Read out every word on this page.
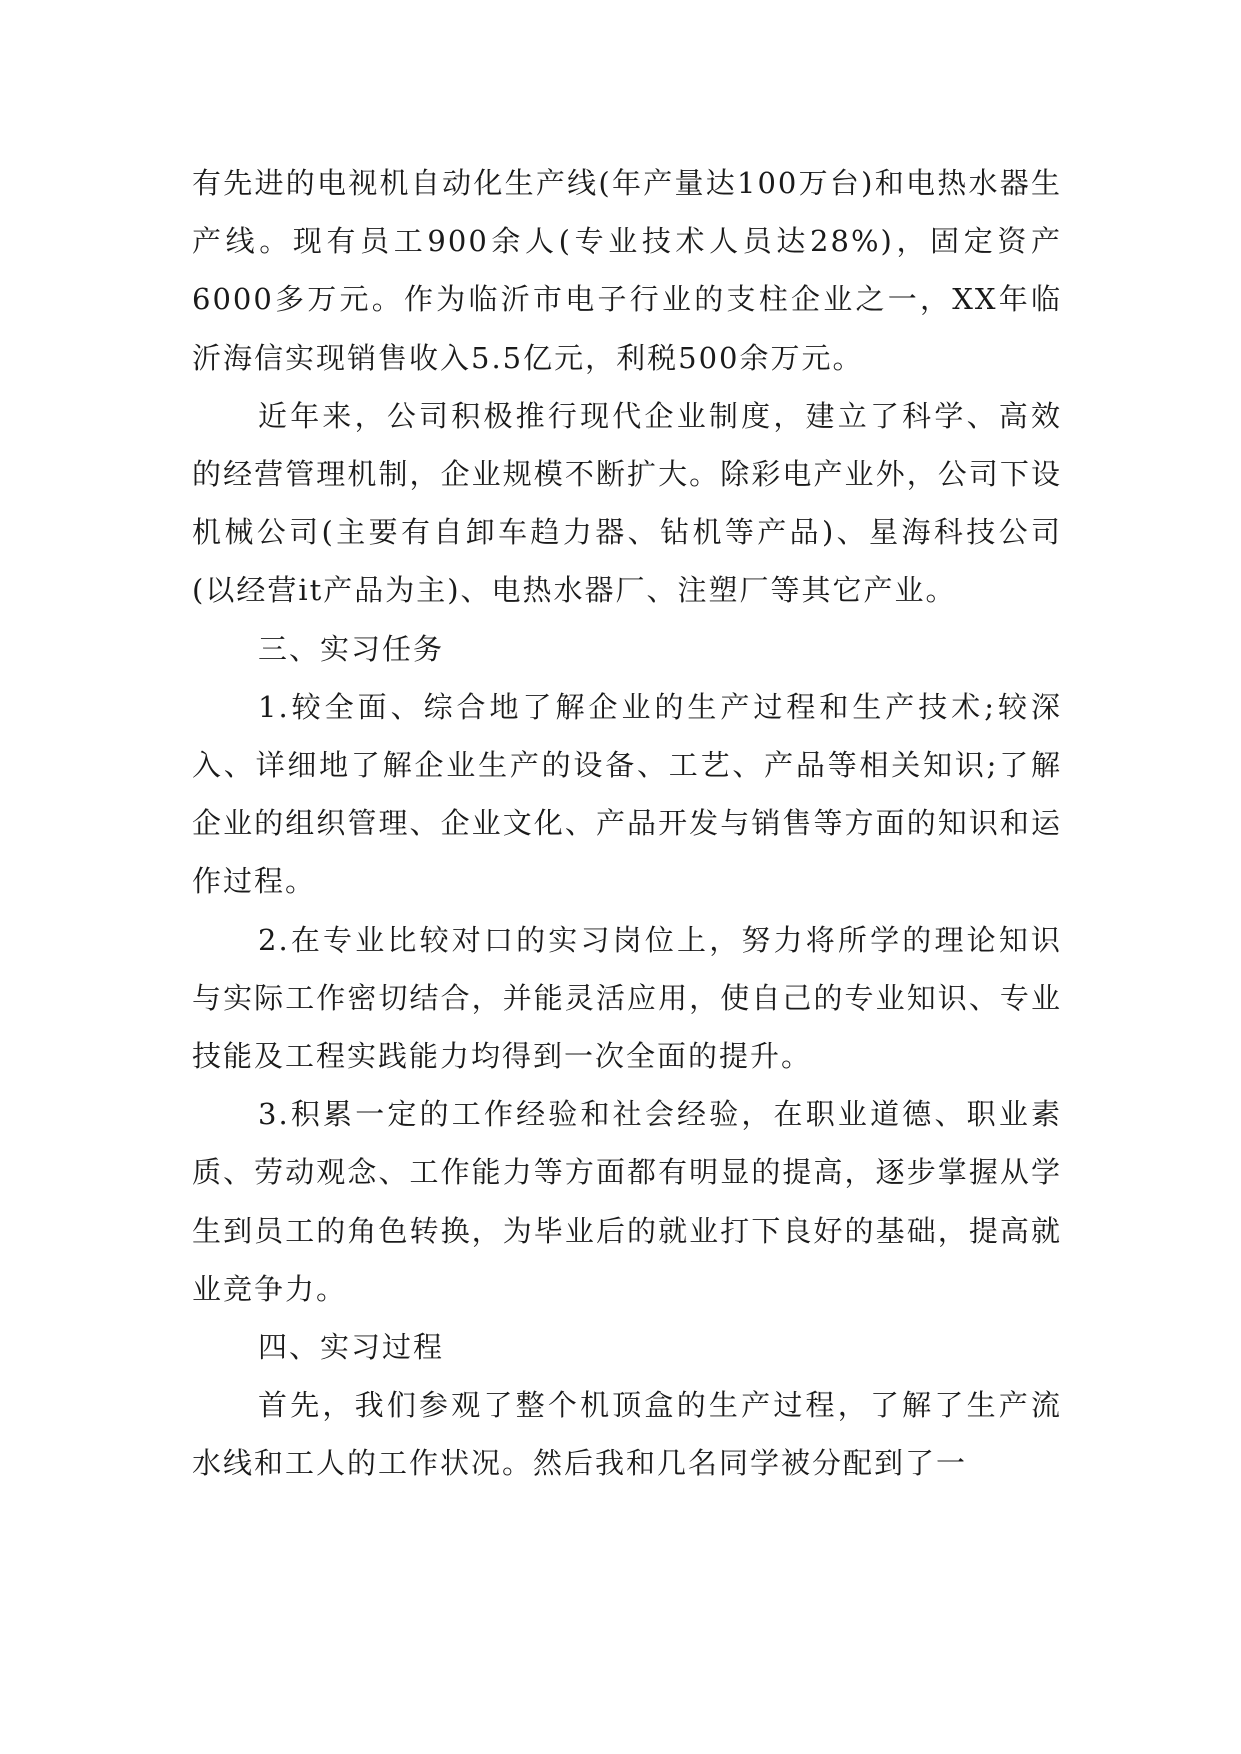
有先进的电视机自动化生产线(年产量达100万台)和电热水器生产线。现有员工900余人(专业技术人员达28%)，固定资产6000多万元。作为临沂市电子行业的支柱企业之一，XX年临沂海信实现销售收入5.5亿元，利税500余万元。

近年来，公司积极推行现代企业制度，建立了科学、高效的经营管理机制，企业规模不断扩大。除彩电产业外，公司下设机械公司(主要有自卸车趋力器、钻机等产品)、星海科技公司(以经营it产品为主)、电热水器厂、注塑厂等其它产业。

三、实习任务

1.较全面、综合地了解企业的生产过程和生产技术;较深入、详细地了解企业生产的设备、工艺、产品等相关知识;了解企业的组织管理、企业文化、产品开发与销售等方面的知识和运作过程。

2.在专业比较对口的实习岗位上，努力将所学的理论知识与实际工作密切结合，并能灵活应用，使自己的专业知识、专业技能及工程实践能力均得到一次全面的提升。

3.积累一定的工作经验和社会经验，在职业道德、职业素质、劳动观念、工作能力等方面都有明显的提高，逐步掌握从学生到员工的角色转换，为毕业后的就业打下良好的基础，提高就业竞争力。

四、实习过程

首先，我们参观了整个机顶盒的生产过程，了解了生产流水线和工人的工作状况。然后我和几名同学被分配到了一
